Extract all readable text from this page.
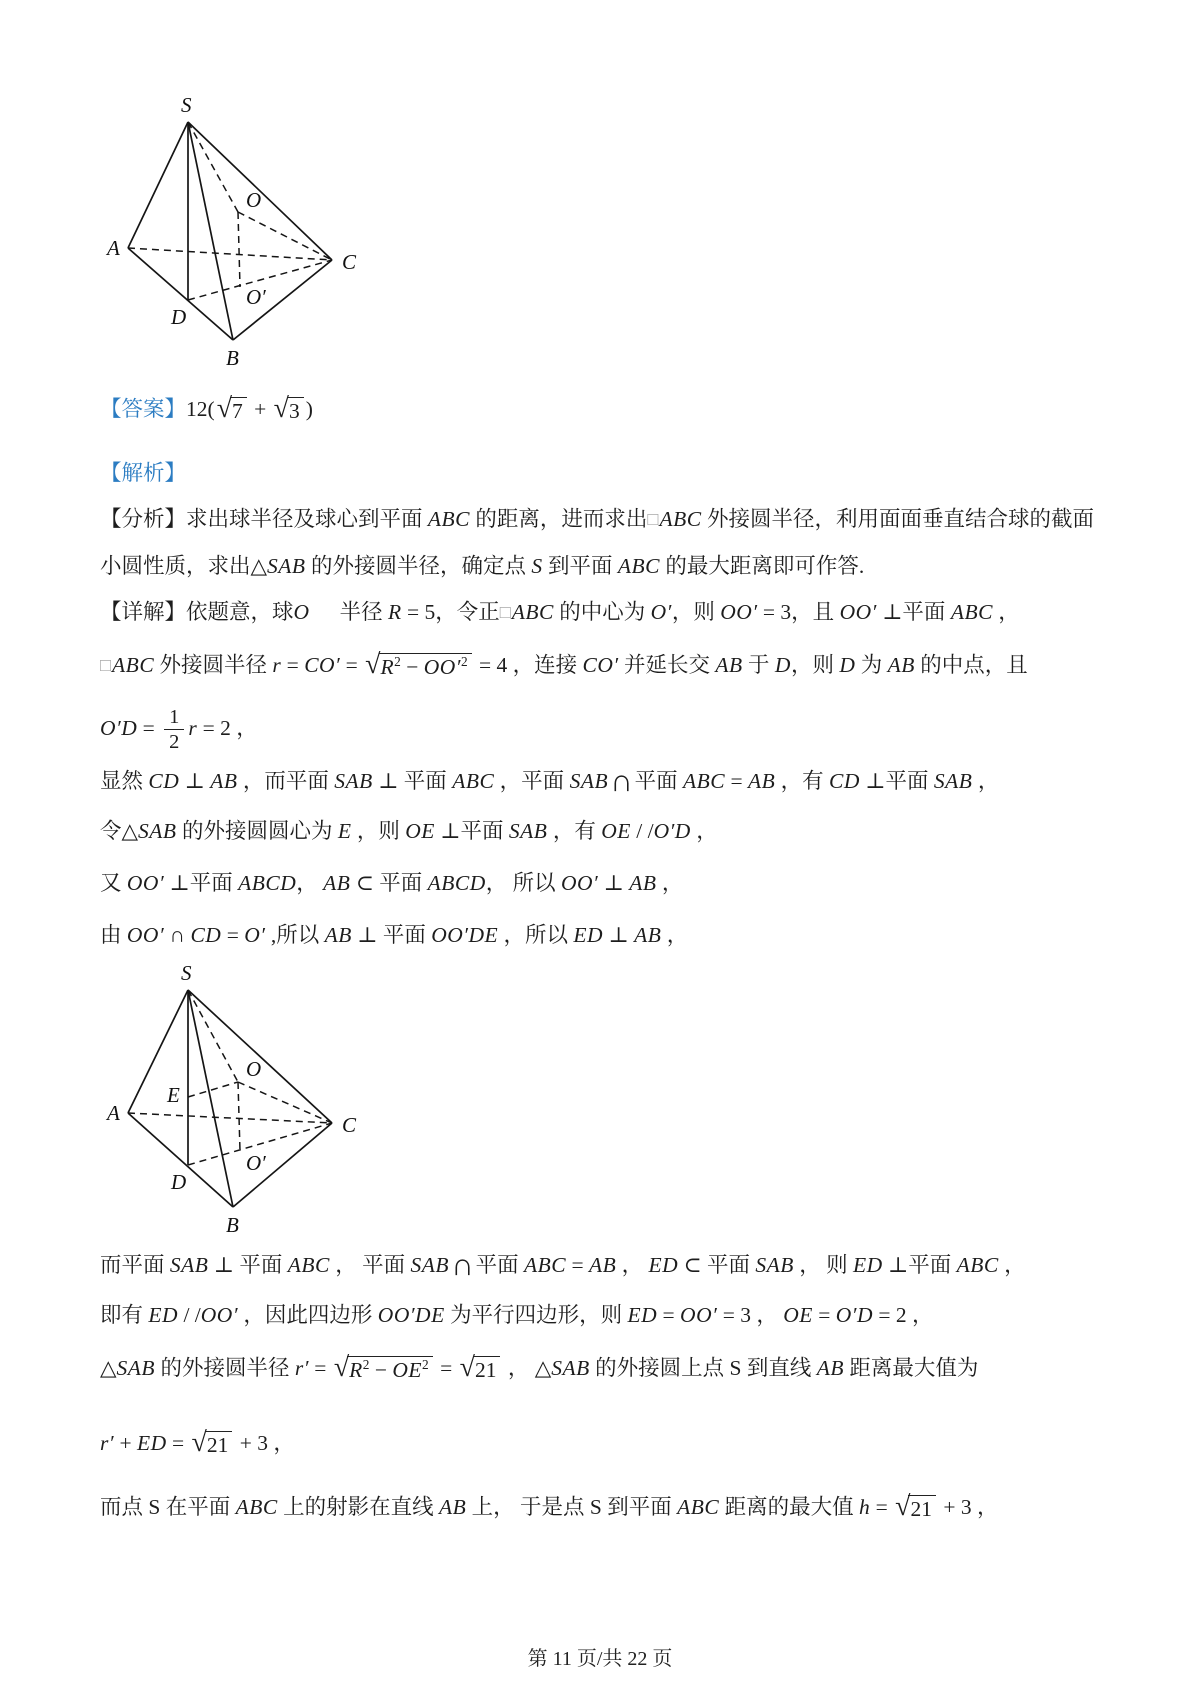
S
A
C
B
D
O
O′
【答案】12( √ 7 + √ 3 )
【解析】
【分析】求出球半径及球心到平面 ABC 的距离，进而求出□ABC 外接圆半径，利用面面垂直结合球的截面
小圆性质，求出△SAB 的外接圆半径，确定点 S 到平面 ABC 的最大距离即可作答.
【详解】依题意，球O 半径 R = 5，令正□ABC 的中心为 O′，则 OO′ = 3，且 OO′ ⊥平面 ABC ，
□ABC 外接圆半径 r = CO′ = √ $R^2 - OO'^2 = 4$ ，连接 CO′ 并延长交 AB 于 D，则 D 为 AB 的中点，且
$O'D = \frac{1}{2}$ r = 2 ，
显然 CD ⊥ AB ，而平面 SAB ⊥ 平面 ABC ，平面 SAB∩平面 ABC = AB ，有 CD ⊥平面 SAB ，
令△SAB 的外接圆圆心为 E ，则 OE ⊥平面 SAB ，有 OE / /O′D ，
又 OO′ ⊥平面 ABCD， AB ⊂ 平面 ABCD， 所以 OO′ ⊥ AB ，
由 OO′ ∩ CD = O′ ,所以 AB ⊥ 平面 OO′DE ，所以 ED ⊥ AB ，
S
A	C
B
D
O
O′
E
而平面 SAB ⊥ 平面 ABC ， 平面 SAB∩平面 ABC = AB ， ED ⊂ 平面 SAB ， 则 ED ⊥平面 ABC ，
即有 ED / /OO′ ，因此四边形 OO′DE 为平行四边形，则 ED = OO′ = 3 ， OE = O′D = 2 ，
△SAB 的外接圆半径 r′ = √ $R^2 - OE^2$ = √ 21 ， △SAB 的外接圆上点 S 到直线 AB 距离最大值为
r′ + ED = √ 21 + 3 ，
而点 S 在平面 ABC 上的射影在直线 AB 上， 于是点 S 到平面 ABC 距离的最大值 h = √ 21 + 3 ，
第 11 页/共 22 页
